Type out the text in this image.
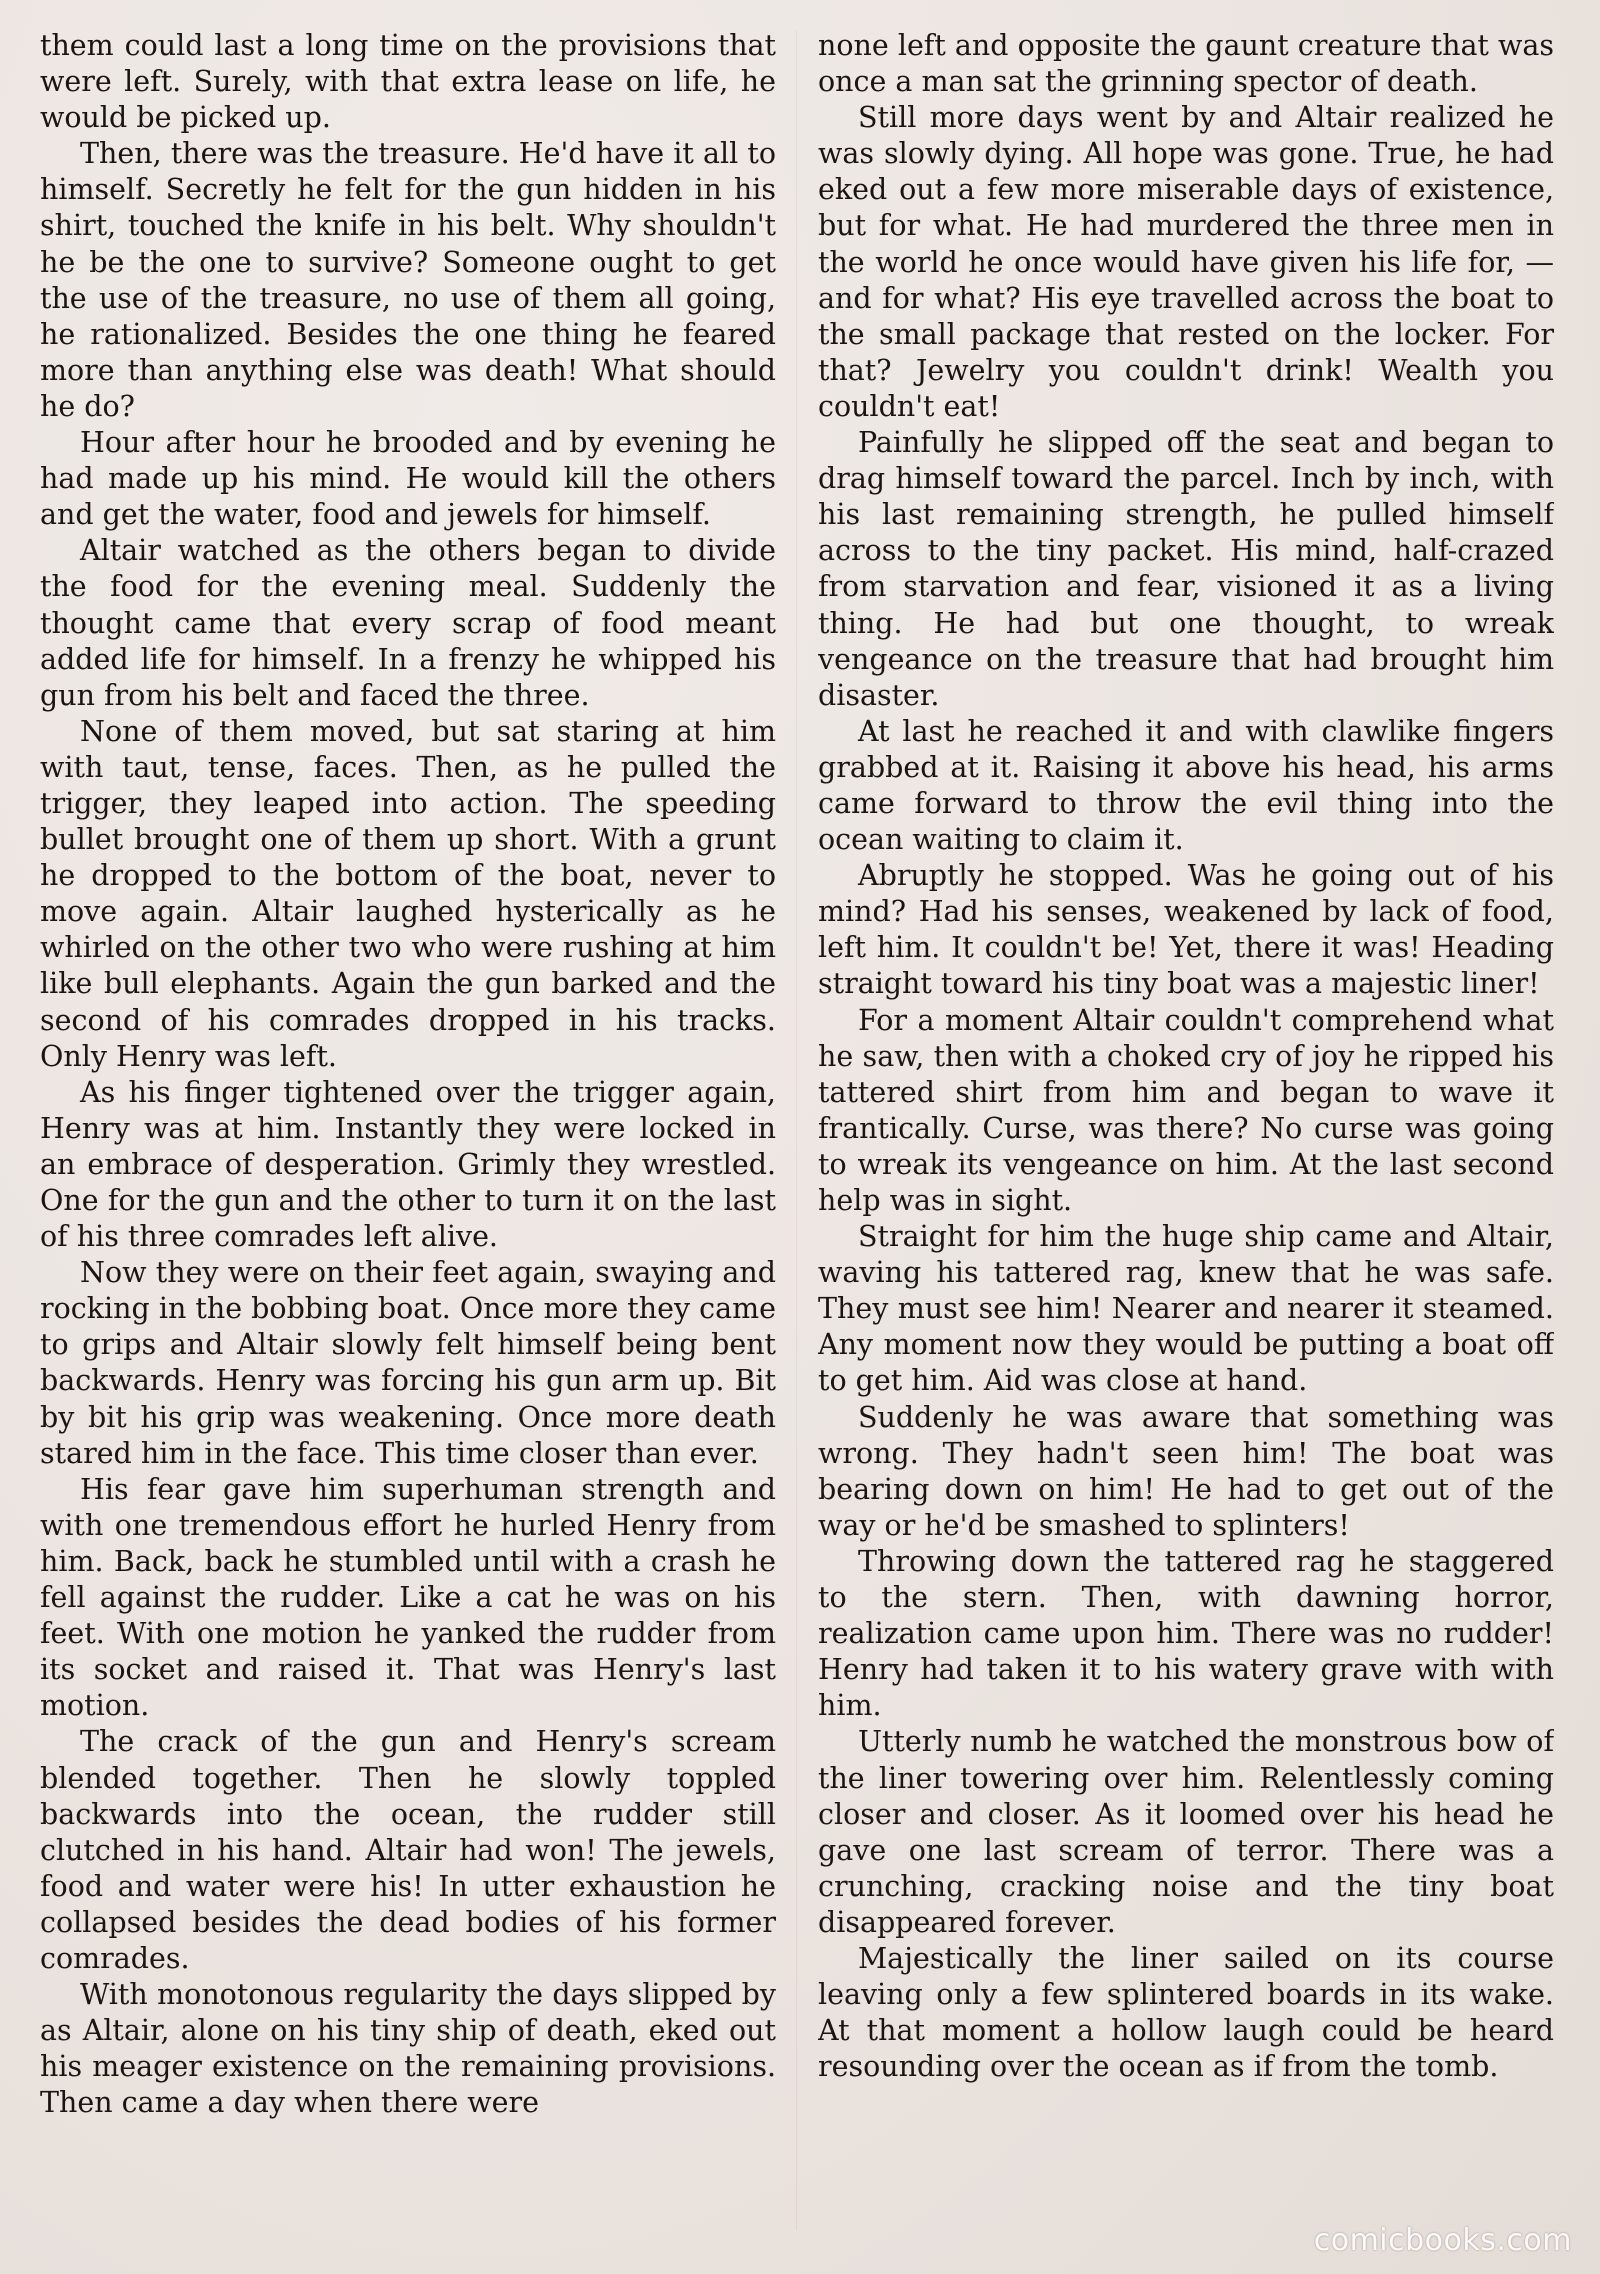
them could last a long time on the provisions that were left. Surely, with that extra lease on life, he would be picked up.

Then, there was the treasure. He'd have it all to himself. Secretly he felt for the gun hidden in his shirt, touched the knife in his belt. Why shouldn't he be the one to survive? Someone ought to get the use of the treasure, no use of them all going, he rationalized. Besides the one thing he feared more than anything else was death! What should he do?

Hour after hour he brooded and by evening he had made up his mind. He would kill the others and get the water, food and jewels for himself.

Altair watched as the others began to divide the food for the evening meal. Suddenly the thought came that every scrap of food meant added life for himself. In a frenzy he whipped his gun from his belt and faced the three.

None of them moved, but sat staring at him with taut, tense, faces. Then, as he pulled the trigger, they leaped into action. The speeding bullet brought one of them up short. With a grunt he dropped to the bottom of the boat, never to move again. Altair laughed hysterically as he whirled on the other two who were rushing at him like bull elephants. Again the gun barked and the second of his comrades dropped in his tracks. Only Henry was left.

As his finger tightened over the trigger again, Henry was at him. Instantly they were locked in an embrace of desperation. Grimly they wrestled. One for the gun and the other to turn it on the last of his three comrades left alive.

Now they were on their feet again, swaying and rocking in the bobbing boat. Once more they came to grips and Altair slowly felt himself being bent backwards. Henry was forcing his gun arm up. Bit by bit his grip was weakening. Once more death stared him in the face. This time closer than ever.

His fear gave him superhuman strength and with one tremendous effort he hurled Henry from him. Back, back he stumbled until with a crash he fell against the rudder. Like a cat he was on his feet. With one motion he yanked the rudder from its socket and raised it. That was Henry's last motion.

The crack of the gun and Henry's scream blended together. Then he slowly toppled backwards into the ocean, the rudder still clutched in his hand. Altair had won! The jewels, food and water were his! In utter exhaustion he collapsed besides the dead bodies of his former comrades.

With monotonous regularity the days slipped by as Altair, alone on his tiny ship of death, eked out his meager existence on the remaining provisions. Then came a day when there were

none left and opposite the gaunt creature that was once a man sat the grinning spector of death.

Still more days went by and Altair realized he was slowly dying. All hope was gone. True, he had eked out a few more miserable days of existence, but for what. He had murdered the three men in the world he once would have given his life for, — and for what? His eye travelled across the boat to the small package that rested on the locker. For that? Jewelry you couldn't drink! Wealth you couldn't eat!

Painfully he slipped off the seat and began to drag himself toward the parcel. Inch by inch, with his last remaining strength, he pulled himself across to the tiny packet. His mind, half-crazed from starvation and fear, visioned it as a living thing. He had but one thought, to wreak vengeance on the treasure that had brought him disaster.

At last he reached it and with clawlike fingers grabbed at it. Raising it above his head, his arms came forward to throw the evil thing into the ocean waiting to claim it.

Abruptly he stopped. Was he going out of his mind? Had his senses, weakened by lack of food, left him. It couldn't be! Yet, there it was! Heading straight toward his tiny boat was a majestic liner!

For a moment Altair couldn't comprehend what he saw, then with a choked cry of joy he ripped his tattered shirt from him and began to wave it frantically. Curse, was there? No curse was going to wreak its vengeance on him. At the last second help was in sight.

Straight for him the huge ship came and Altair, waving his tattered rag, knew that he was safe. They must see him! Nearer and nearer it steamed. Any moment now they would be putting a boat off to get him. Aid was close at hand.

Suddenly he was aware that something was wrong. They hadn't seen him! The boat was bearing down on him! He had to get out of the way or he'd be smashed to splinters!

Throwing down the tattered rag he staggered to the stern. Then, with dawning horror, realization came upon him. There was no rudder! Henry had taken it to his watery grave with with him.

Utterly numb he watched the monstrous bow of the liner towering over him. Relentlessly coming closer and closer. As it loomed over his head he gave one last scream of terror. There was a crunching, cracking noise and the tiny boat disappeared forever.

Majestically the liner sailed on its course leaving only a few splintered boards in its wake. At that moment a hollow laugh could be heard resounding over the ocean as if from the tomb.

comicbooks.com
